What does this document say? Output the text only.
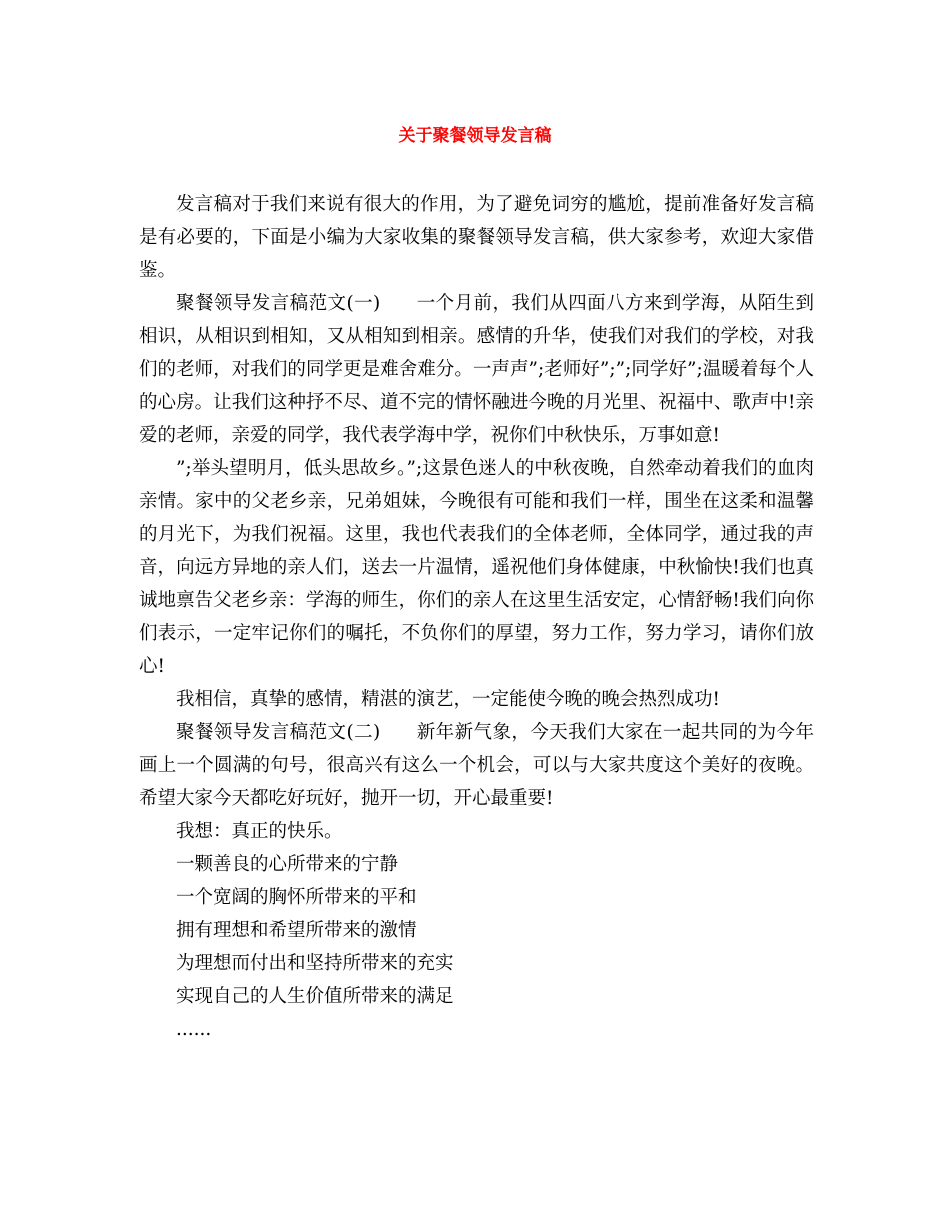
关于聚餐领导发言稿

发言稿对于我们来说有很大的作用，为了避免词穷的尴尬，提前准备好发言稿是有必要的，下面是小编为大家收集的聚餐领导发言稿，供大家参考，欢迎大家借鉴。

聚餐领导发言稿范文(一) 一个月前，我们从四面八方来到学海，从陌生到相识，从相识到相知，又从相知到相亲。感情的升华，使我们对我们的学校，对我们的老师，对我们的同学更是难舍难分。一声声”;老师好”;”;同学好”;温暖着每个人的心房。让我们这种抒不尽、道不完的情怀融进今晚的月光里、祝福中、歌声中!亲爱的老师，亲爱的同学，我代表学海中学，祝你们中秋快乐，万事如意!

”;举头望明月，低头思故乡。”;这景色迷人的中秋夜晚，自然牵动着我们的血肉亲情。家中的父老乡亲，兄弟姐妹，今晚很有可能和我们一样，围坐在这柔和温馨的月光下，为我们祝福。这里，我也代表我们的全体老师，全体同学，通过我的声音，向远方异地的亲人们，送去一片温情，遥祝他们身体健康，中秋愉快!我们也真诚地禀告父老乡亲：学海的师生，你们的亲人在这里生活安定，心情舒畅!我们向你们表示，一定牢记你们的嘱托，不负你们的厚望，努力工作，努力学习，请你们放心!

我相信，真挚的感情，精湛的演艺，一定能使今晚的晚会热烈成功!

聚餐领导发言稿范文(二) 新年新气象，今天我们大家在一起共同的为今年画上一个圆满的句号，很高兴有这么一个机会，可以与大家共度这个美好的夜晚。希望大家今天都吃好玩好，抛开一切，开心最重要!

我想：真正的快乐。

一颗善良的心所带来的宁静

一个宽阔的胸怀所带来的平和

拥有理想和希望所带来的激情

为理想而付出和坚持所带来的充实

实现自己的人生价值所带来的满足

......
